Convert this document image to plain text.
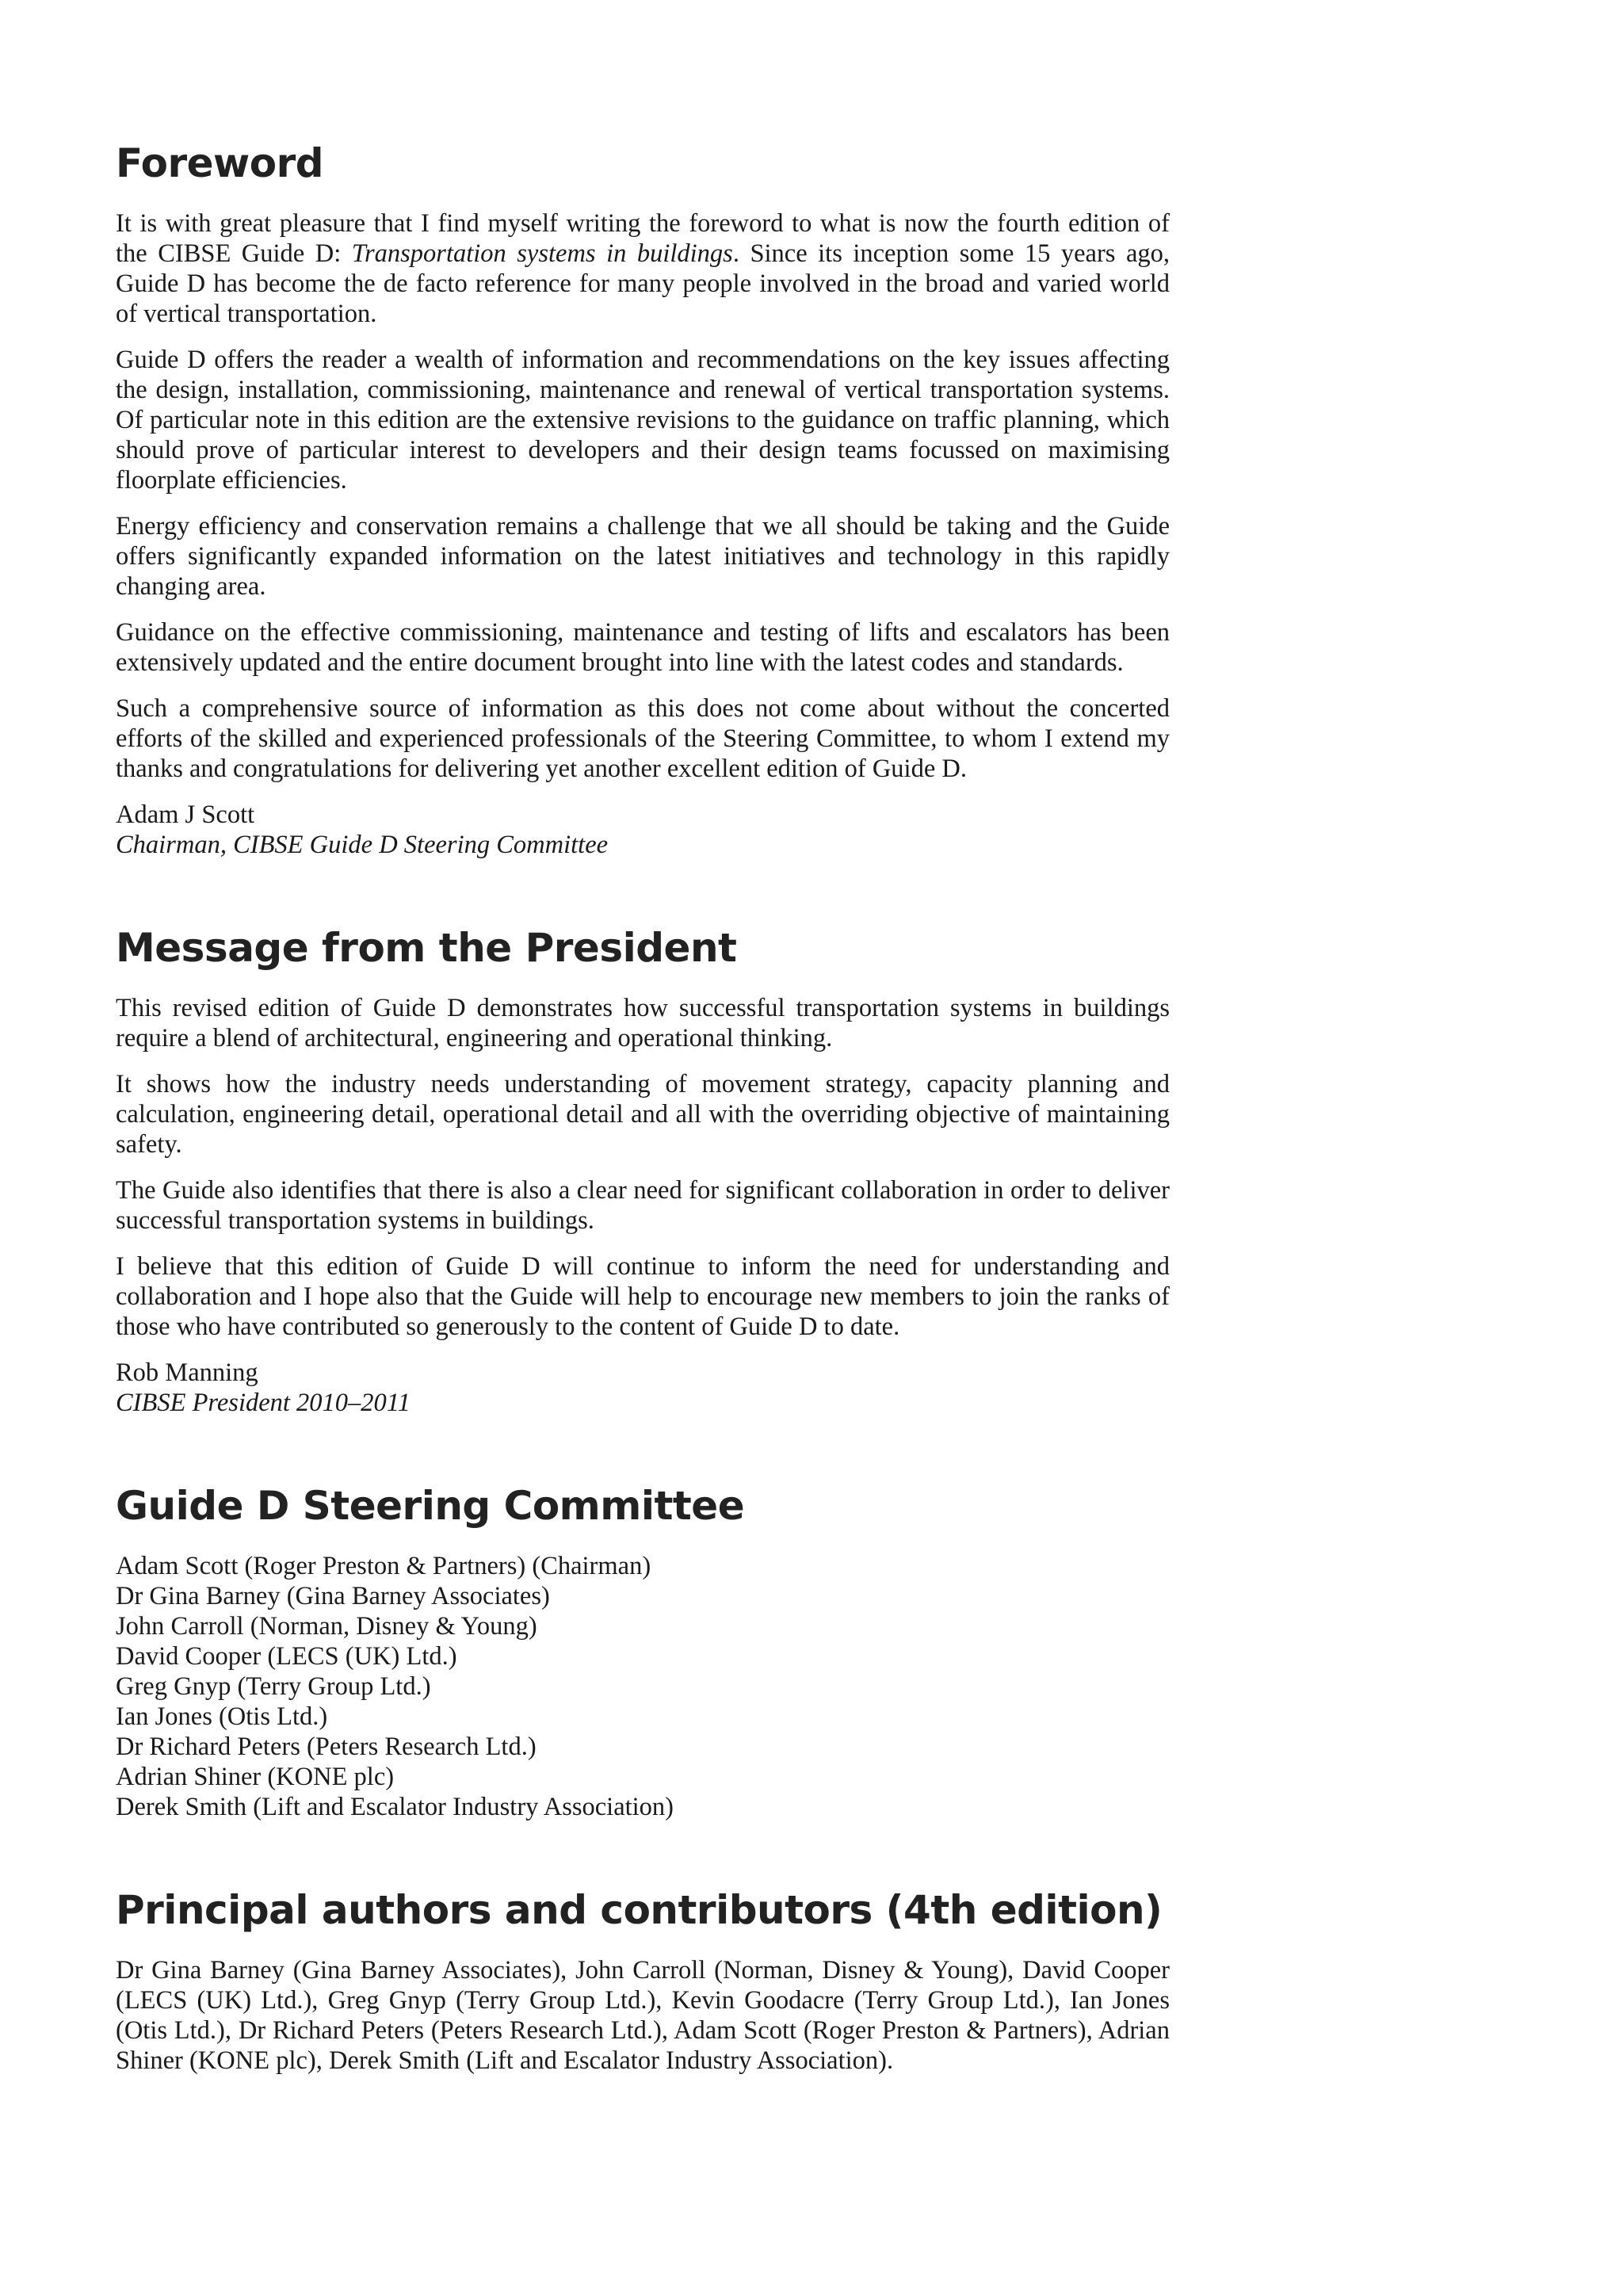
Foreword

It is with great pleasure that I find myself writing the foreword to what is now the fourth edition of the CIBSE Guide D: Transportation systems in buildings. Since its inception some 15 years ago, Guide D has become the de facto reference for many people involved in the broad and varied world of vertical transportation.

Guide D offers the reader a wealth of information and recommendations on the key issues affecting the design, installation, commissioning, maintenance and renewal of vertical transportation systems. Of particular note in this edition are the extensive revisions to the guidance on traffic planning, which should prove of particular interest to developers and their design teams focussed on maximising floorplate efficiencies.

Energy efficiency and conservation remains a challenge that we all should be taking and the Guide offers significantly expanded information on the latest initiatives and technology in this rapidly changing area.

Guidance on the effective commissioning, maintenance and testing of lifts and escalators has been extensively updated and the entire document brought into line with the latest codes and standards.

Such a comprehensive source of information as this does not come about without the concerted efforts of the skilled and experienced professionals of the Steering Committee, to whom I extend my thanks and congratulations for delivering yet another excellent edition of Guide D.

Adam J Scott
Chairman, CIBSE Guide D Steering Committee

Message from the President

This revised edition of Guide D demonstrates how successful transportation systems in buildings require a blend of architectural, engineering and operational thinking.

It shows how the industry needs understanding of movement strategy, capacity planning and calculation, engineering detail, operational detail and all with the overriding objective of maintaining safety.

The Guide also identifies that there is also a clear need for significant collaboration in order to deliver successful transportation systems in buildings.

I believe that this edition of Guide D will continue to inform the need for understanding and collaboration and I hope also that the Guide will help to encourage new members to join the ranks of those who have contributed so generously to the content of Guide D to date.

Rob Manning
CIBSE President 2010–2011

Guide D Steering Committee
Adam Scott (Roger Preston & Partners) (Chairman)
Dr Gina Barney (Gina Barney Associates)
John Carroll (Norman, Disney & Young)
David Cooper (LECS (UK) Ltd.)
Greg Gnyp (Terry Group Ltd.)
Ian Jones (Otis Ltd.)
Dr Richard Peters (Peters Research Ltd.)
Adrian Shiner (KONE plc)
Derek Smith (Lift and Escalator Industry Association)
Principal authors and contributors (4th edition)

Dr Gina Barney (Gina Barney Associates), John Carroll (Norman, Disney & Young), David Cooper (LECS (UK) Ltd.), Greg Gnyp (Terry Group Ltd.), Kevin Goodacre (Terry Group Ltd.), Ian Jones (Otis Ltd.), Dr Richard Peters (Peters Research Ltd.), Adam Scott (Roger Preston & Partners), Adrian Shiner (KONE plc), Derek Smith (Lift and Escalator Industry Association).
